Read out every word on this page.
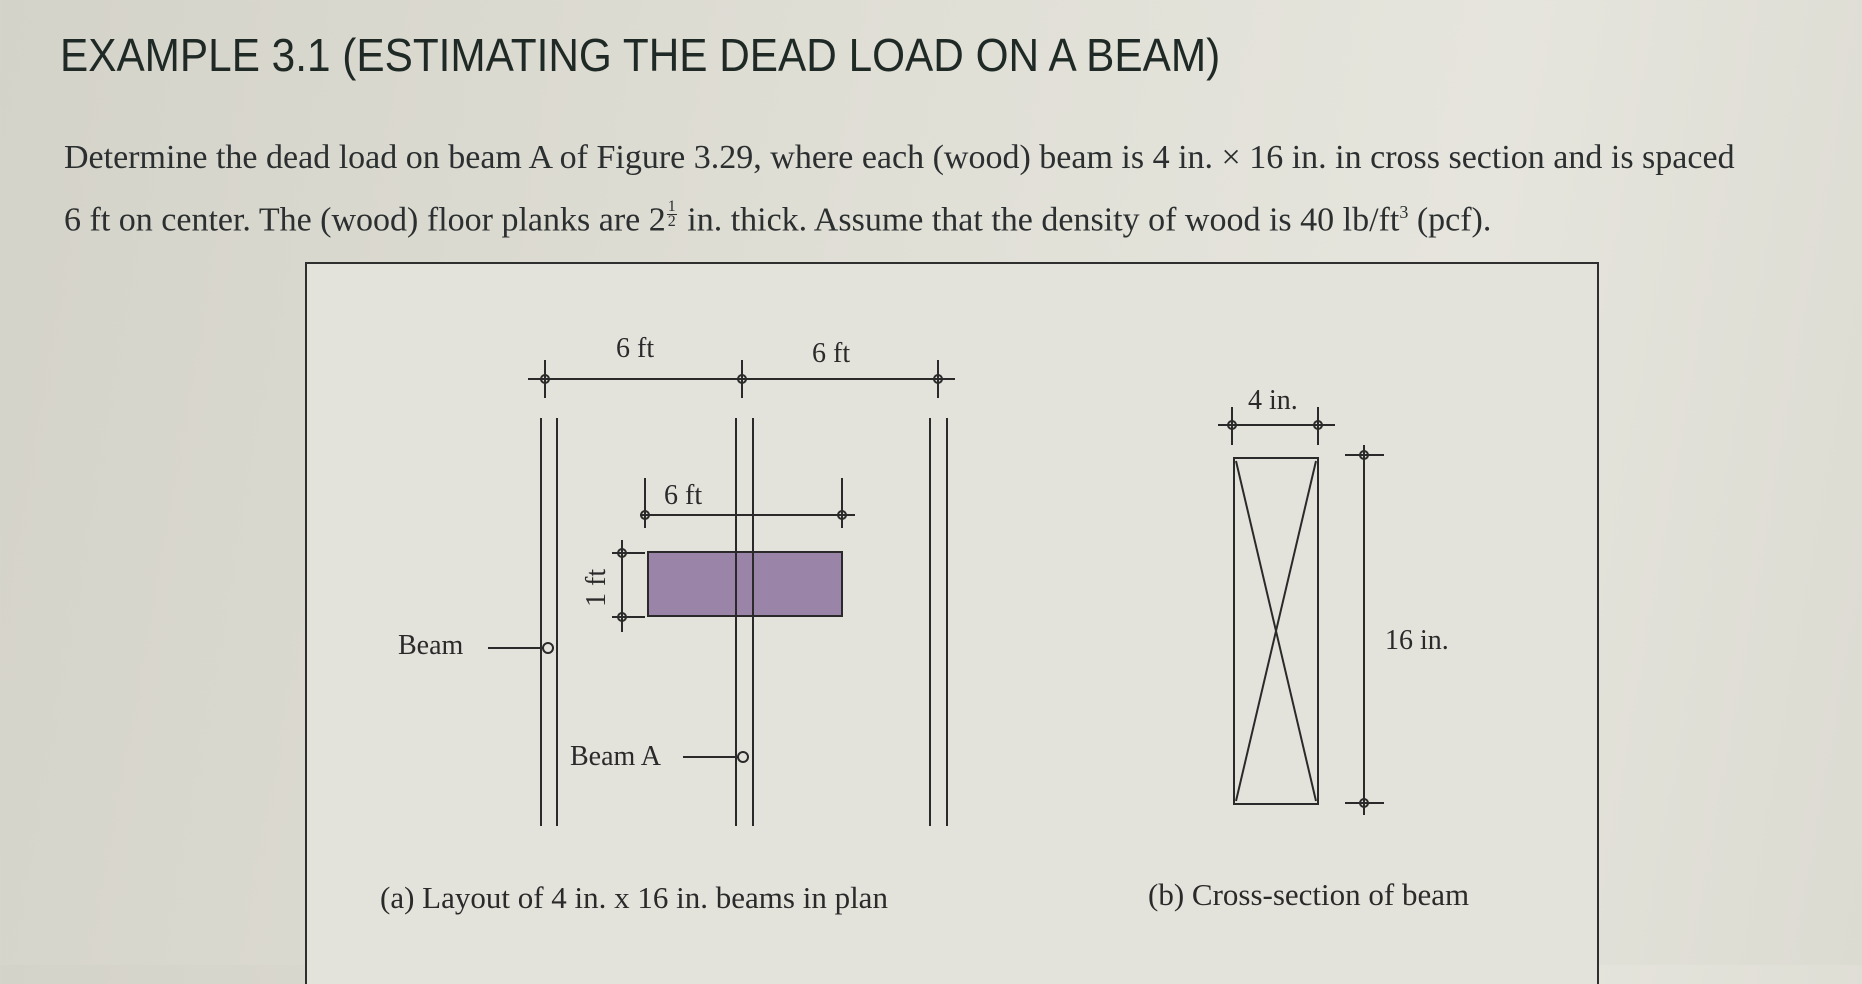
EXAMPLE 3.1 (ESTIMATING THE DEAD LOAD ON A BEAM)

Determine the dead load on beam A of Figure 3.29, where each (wood) beam is 4 in. × 16 in. in cross section and is spaced
6 ft on center. The (wood) floor planks are $2 \frac{1}{2}$ in. thick. Assume that the density of wood is 40 $lb/ft^3$ (pcf).

6 ft	6 ft
6 ft
1 ft
Beam
Beam A
4 in.
16 in.
(a) Layout of 4 in. x 16 in. beams in plan	(b) Cross-section of beam
